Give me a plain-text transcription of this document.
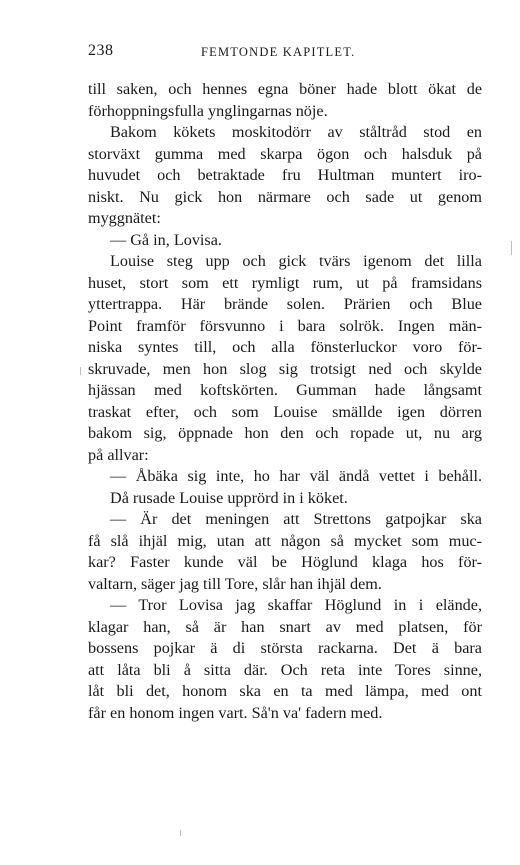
238	FEMTONDE KAPITLET.
till saken, och hennes egna böner hade blott ökat de
förhoppningsfulla ynglingarnas nöje.
Bakom kökets moskitodörr av ståltråd stod en
storväxt gumma med skarpa ögon och halsduk på
huvudet och betraktade fru Hultman muntert iro-
niskt. Nu gick hon närmare och sade ut genom
myggnätet:
— Gå in, Lovisa.
Louise steg upp och gick tvärs igenom det lilla
huset, stort som ett rymligt rum, ut på framsidans
yttertrappa. Här brände solen. Prärien och Blue
Point framför försvunno i bara solrök. Ingen män-
niska syntes till, och alla fönsterluckor voro för-
skruvade, men hon slog sig trotsigt ned och skylde
hjässan med koftskörten. Gumman hade långsamt
traskat efter, och som Louise smällde igen dörren
bakom sig, öppnade hon den och ropade ut, nu arg
på allvar:
— Åbäka sig inte, ho har väl ändå vettet i behåll.
Då rusade Louise upprörd in i köket.
— Är det meningen att Strettons gatpojkar ska
få slå ihjäl mig, utan att någon så mycket som muc-
kar? Faster kunde väl be Höglund klaga hos för-
valtarn, säger jag till Tore, slår han ihjäl dem.
— Tror Lovisa jag skaffar Höglund in i elände,
klagar han, så är han snart av med platsen, för
bossens pojkar ä di största rackarna. Det ä bara
att låta bli å sitta där. Och reta inte Tores sinne,
låt bli det, honom ska en ta med lämpa, med ont
får en honom ingen vart. Så'n va' fadern med.
